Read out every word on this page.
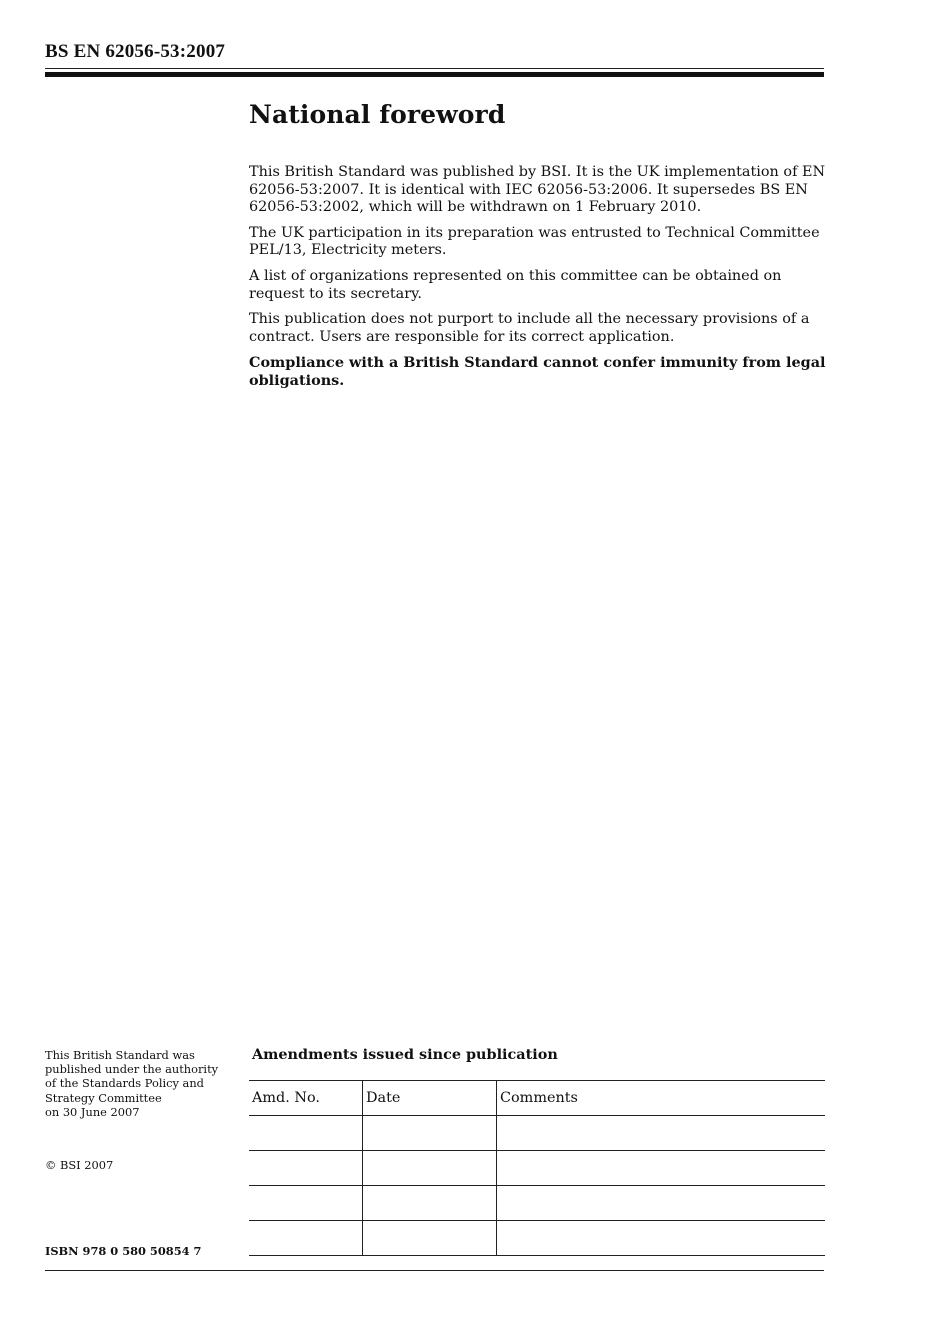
BS EN 62056-53:2007
National foreword

This British Standard was published by BSI. It is the UK implementation of EN 62056-53:2007. It is identical with IEC 62056-53:2006. It supersedes BS EN 62056-53:2002, which will be withdrawn on 1 February 2010.

The UK participation in its preparation was entrusted to Technical Committee PEL/13, Electricity meters.

A list of organizations represented on this committee can be obtained on request to its secretary.

This publication does not purport to include all the necessary provisions of a contract. Users are responsible for its correct application.

Compliance with a British Standard cannot confer immunity from legal obligations.

This British Standard was
published under the authority
of the Standards Policy and
Strategy Committee
on 30 June 2007

© BSI 2007

ISBN 978 0 580 50854 7

Amendments issued since publication
Amd. No.	Date	Comments
